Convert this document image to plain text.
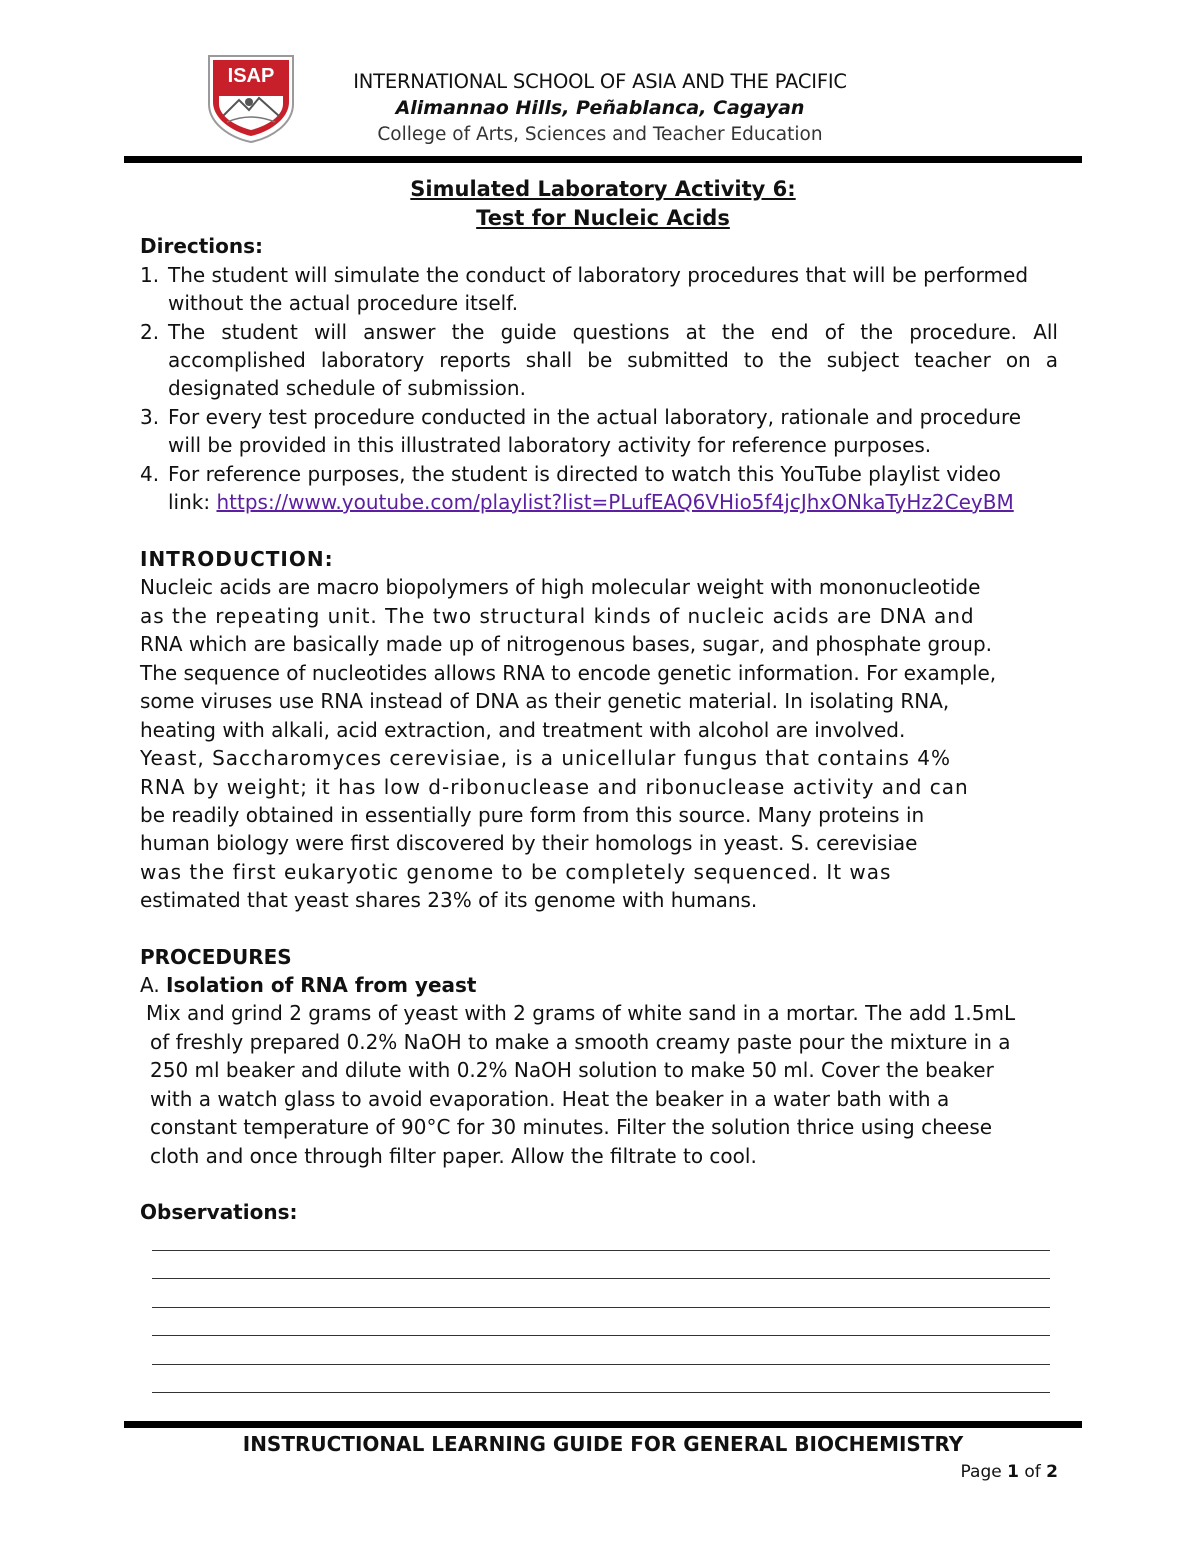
ISAP	INTERNATIONAL SCHOOL OF ASIA AND THE PACIFIC
Alimannao Hills, Peñablanca, Cagayan
College of Arts, Sciences and Teacher Education
Simulated Laboratory Activity 6:
Test for Nucleic Acids
Directions:
1. The student will simulate the conduct of laboratory procedures that will be performed
without the actual procedure itself.
2. The student will answer the guide questions at the end of the procedure. All
accomplished laboratory reports shall be submitted to the subject teacher on a
designated schedule of submission.
3. For every test procedure conducted in the actual laboratory, rationale and procedure
will be provided in this illustrated laboratory activity for reference purposes.
4. For reference purposes, the student is directed to watch this YouTube playlist video
link: https://www.youtube.com/playlist?list=PLufEAQ6VHio5f4jcJhxONkaTyHz2CeyBM
INTRODUCTION:
Nucleic acids are macro biopolymers of high molecular weight with mononucleotide
as the repeating unit. The two structural kinds of nucleic acids are DNA and
RNA which are basically made up of nitrogenous bases, sugar, and phosphate group.
The sequence of nucleotides allows RNA to encode genetic information. For example,
some viruses use RNA instead of DNA as their genetic material. In isolating RNA,
heating with alkali, acid extraction, and treatment with alcohol are involved.
Yeast, Saccharomyces cerevisiae, is a unicellular fungus that contains 4%
RNA by weight; it has low d-ribonuclease and ribonuclease activity and can
be readily obtained in essentially pure form from this source. Many proteins in
human biology were first discovered by their homologs in yeast. S. cerevisiae
was the first eukaryotic genome to be completely sequenced. It was
estimated that yeast shares 23% of its genome with humans.
PROCEDURES
A. Isolation of RNA from yeast
Mix and grind 2 grams of yeast with 2 grams of white sand in a mortar. The add 1.5mL
of freshly prepared 0.2% NaOH to make a smooth creamy paste pour the mixture in a
250 ml beaker and dilute with 0.2% NaOH solution to make 50 ml. Cover the beaker
with a watch glass to avoid evaporation. Heat the beaker in a water bath with a
constant temperature of 90°C for 30 minutes. Filter the solution thrice using cheese
cloth and once through filter paper. Allow the filtrate to cool.
Observations:
INSTRUCTIONAL LEARNING GUIDE FOR GENERAL BIOCHEMISTRY
Page 1 of 2
